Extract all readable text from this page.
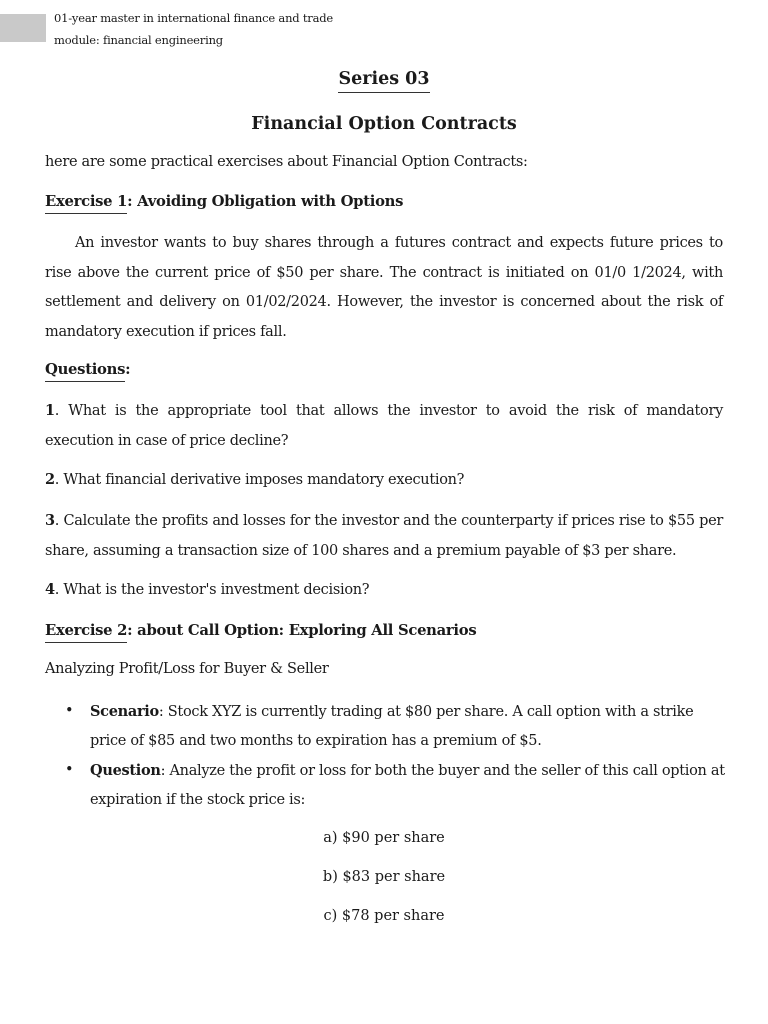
01-year master in international finance and trade
module: financial engineering
Series 03
Financial Option Contracts
here are some practical exercises about Financial Option Contracts:
Exercise 1: Avoiding Obligation with Options
An investor wants to buy shares through a futures contract and expects future prices to rise above the current price of $50 per share. The contract is initiated on 01/0 1/2024, with settlement and delivery on 01/02/2024. However, the investor is concerned about the risk of mandatory execution if prices fall.
Questions:
1. What is the appropriate tool that allows the investor to avoid the risk of mandatory execution in case of price decline?
2. What financial derivative imposes mandatory execution?
3. Calculate the profits and losses for the investor and the counterparty if prices rise to $55 per share, assuming a transaction size of 100 shares and a premium payable of $3 per share.
4. What is the investor's investment decision?
Exercise 2: about Call Option: Exploring All Scenarios
Analyzing Profit/Loss for Buyer & Seller
• Scenario: Stock XYZ is currently trading at $80 per share. A call option with a strike price of $85 and two months to expiration has a premium of $5.
• Question: Analyze the profit or loss for both the buyer and the seller of this call option at expiration if the stock price is:
a) $90 per share
b) $83 per share
c) $78 per share
